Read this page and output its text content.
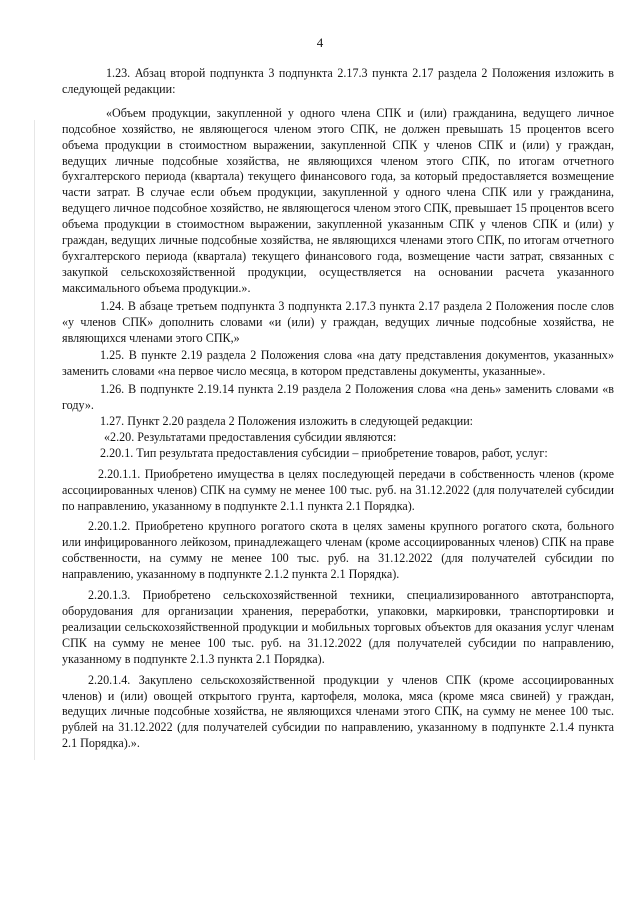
4

1.23. Абзац второй подпункта 3 подпункта 2.17.3 пункта 2.17 раздела 2 Положения изложить в следующей редакции:

«Объем продукции, закупленной у одного члена СПК и (или) гражданина, ведущего личное подсобное хозяйство, не являющегося членом этого СПК, не должен превышать 15 процентов всего объема продукции в стоимостном выражении, закупленной СПК у членов СПК и (или) у граждан, ведущих личные подсобные хозяйства, не являющихся членом этого СПК, по итогам отчетного бухгалтерского периода (квартала) текущего финансового года, за который предоставляется возмещение части затрат. В случае если объем продукции, закупленной у одного члена СПК или у гражданина, ведущего личное подсобное хозяйство, не являющегося членом этого СПК, превышает 15 процентов всего объема продукции в стоимостном выражении, закупленной указанным СПК у членов СПК и (или) у граждан, ведущих личные подсобные хозяйства, не являющихся членами этого СПК, по итогам отчетного бухгалтерского периода (квартала) текущего финансового года, возмещение части затрат, связанных с закупкой сельскохозяйственной продукции, осуществляется на основании расчета указанного максимального объема продукции.».

1.24. В абзаце третьем подпункта 3 подпункта 2.17.3 пункта 2.17 раздела 2 Положения после слов «у членов СПК» дополнить словами «и (или) у граждан, ведущих личные подсобные хозяйства, не являющихся членами этого СПК,»

1.25. В пункте 2.19 раздела 2 Положения слова «на дату представления документов, указанных» заменить словами «на первое число месяца, в котором представлены документы, указанные».

1.26. В подпункте 2.19.14 пункта 2.19 раздела 2 Положения слова «на день» заменить словами «в году».

1.27. Пункт 2.20 раздела 2 Положения изложить в следующей редакции:

«2.20. Результатами предоставления субсидии являются:

2.20.1. Тип результата предоставления субсидии – приобретение товаров, работ, услуг:

2.20.1.1. Приобретено имущества в целях последующей передачи в собственность членов (кроме ассоциированных членов) СПК на сумму не менее 100 тыс. руб. на 31.12.2022 (для получателей субсидии по направлению, указанному в подпункте 2.1.1 пункта 2.1 Порядка).

2.20.1.2. Приобретено крупного рогатого скота в целях замены крупного рогатого скота, больного или инфицированного лейкозом, принадлежащего членам (кроме ассоциированных членов) СПК на праве собственности, на сумму не менее 100 тыс. руб. на 31.12.2022 (для получателей субсидии по направлению, указанному в подпункте 2.1.2 пункта 2.1 Порядка).

2.20.1.3. Приобретено сельскохозяйственной техники, специализированного автотранспорта, оборудования для организации хранения, переработки, упаковки, маркировки, транспортировки и реализации сельскохозяйственной продукции и мобильных торговых объектов для оказания услуг членам СПК на сумму не менее 100 тыс. руб. на 31.12.2022 (для получателей субсидии по направлению, указанному в подпункте 2.1.3 пункта 2.1 Порядка).

2.20.1.4. Закуплено сельскохозяйственной продукции у членов СПК (кроме ассоциированных членов) и (или) овощей открытого грунта, картофеля, молока, мяса (кроме мяса свиней) у граждан, ведущих личные подсобные хозяйства, не являющихся членами этого СПК, на сумму не менее 100 тыс. рублей на 31.12.2022 (для получателей субсидии по направлению, указанному в подпункте 2.1.4 пункта 2.1 Порядка).».
